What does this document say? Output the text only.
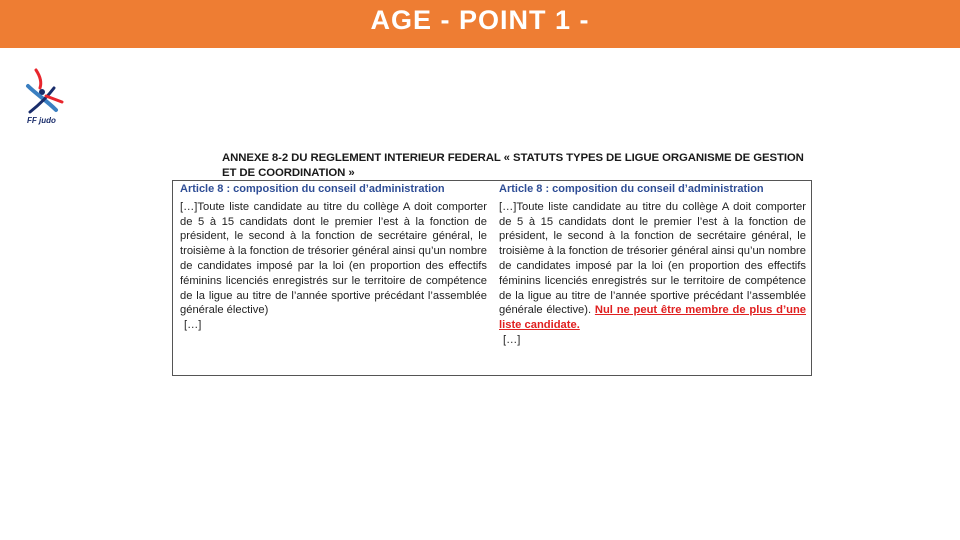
AGE - POINT 1 -
FF judo
ANNEXE 8-2 DU REGLEMENT INTERIEUR FEDERAL « STATUTS TYPES DE LIGUE ORGANISME DE GESTION ET DE COORDINATION »
Article 8 : composition du conseil d’administration
[…]Toute liste candidate au titre du collège A doit comporter de 5 à 15 candidats dont le premier l’est à la fonction de président, le second à la fonction de secrétaire général, le troisième à la fonction de trésorier général ainsi qu’un nombre de candidates imposé par la loi (en proportion des effectifs féminins licenciés enregistrés sur le territoire de compétence de la ligue au titre de l’année sportive précédant l’assemblée générale élective)
[…]
Article 8 : composition du conseil d’administration
[…]Toute liste candidate au titre du collège A doit comporter de 5 à 15 candidats dont le premier l’est à la fonction de président, le second à la fonction de secrétaire général, le troisième à la fonction de trésorier général ainsi qu’un nombre de candidates imposé par la loi (en proportion des effectifs féminins licenciés enregistrés sur le territoire de compétence de la ligue au titre de l’année sportive précédant l’assemblée générale élective). Nul ne peut être membre de plus d’une liste candidate.
[…]
